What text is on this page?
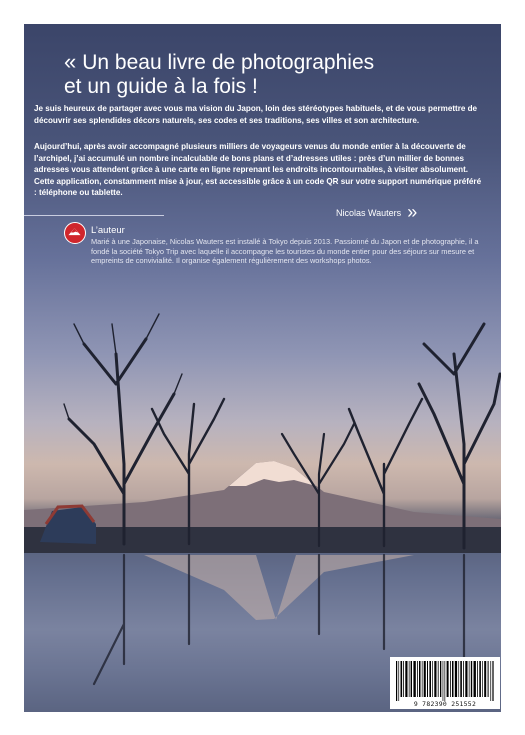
« Un beau livre de photographies
et un guide à la fois !

Je suis heureux de partager avec vous ma vision du Japon, loin des stéréotypes habituels, et de vous permettre de découvrir ses splendides décors naturels, ses codes et ses traditions, ses villes et son architecture.

Aujourd’hui, après avoir accompagné plusieurs milliers de voyageurs venus du monde entier à la découverte de l’archipel, j’ai accumulé un nombre incalculable de bons plans et d’adresses utiles : près d’un millier de bonnes adresses vous attendent grâce à une carte en ligne reprenant les endroits incontournables, à visiter absolument. Cette application, constamment mise à jour, est accessible grâce à un code QR sur votre support numérique préféré : téléphone ou tablette.

Nicolas Wauters »
L’auteur

Marié à une Japonaise, Nicolas Wauters est installé à Tokyo depuis 2013. Passionné du Japon et de photographie, il a fondé la société Tokyo Trip avec laquelle il accompagne les touristes du monde entier pour des séjours sur mesure et empreints de convivialité. Il organise également régulièrement des workshops photos.

9 782390 251552
